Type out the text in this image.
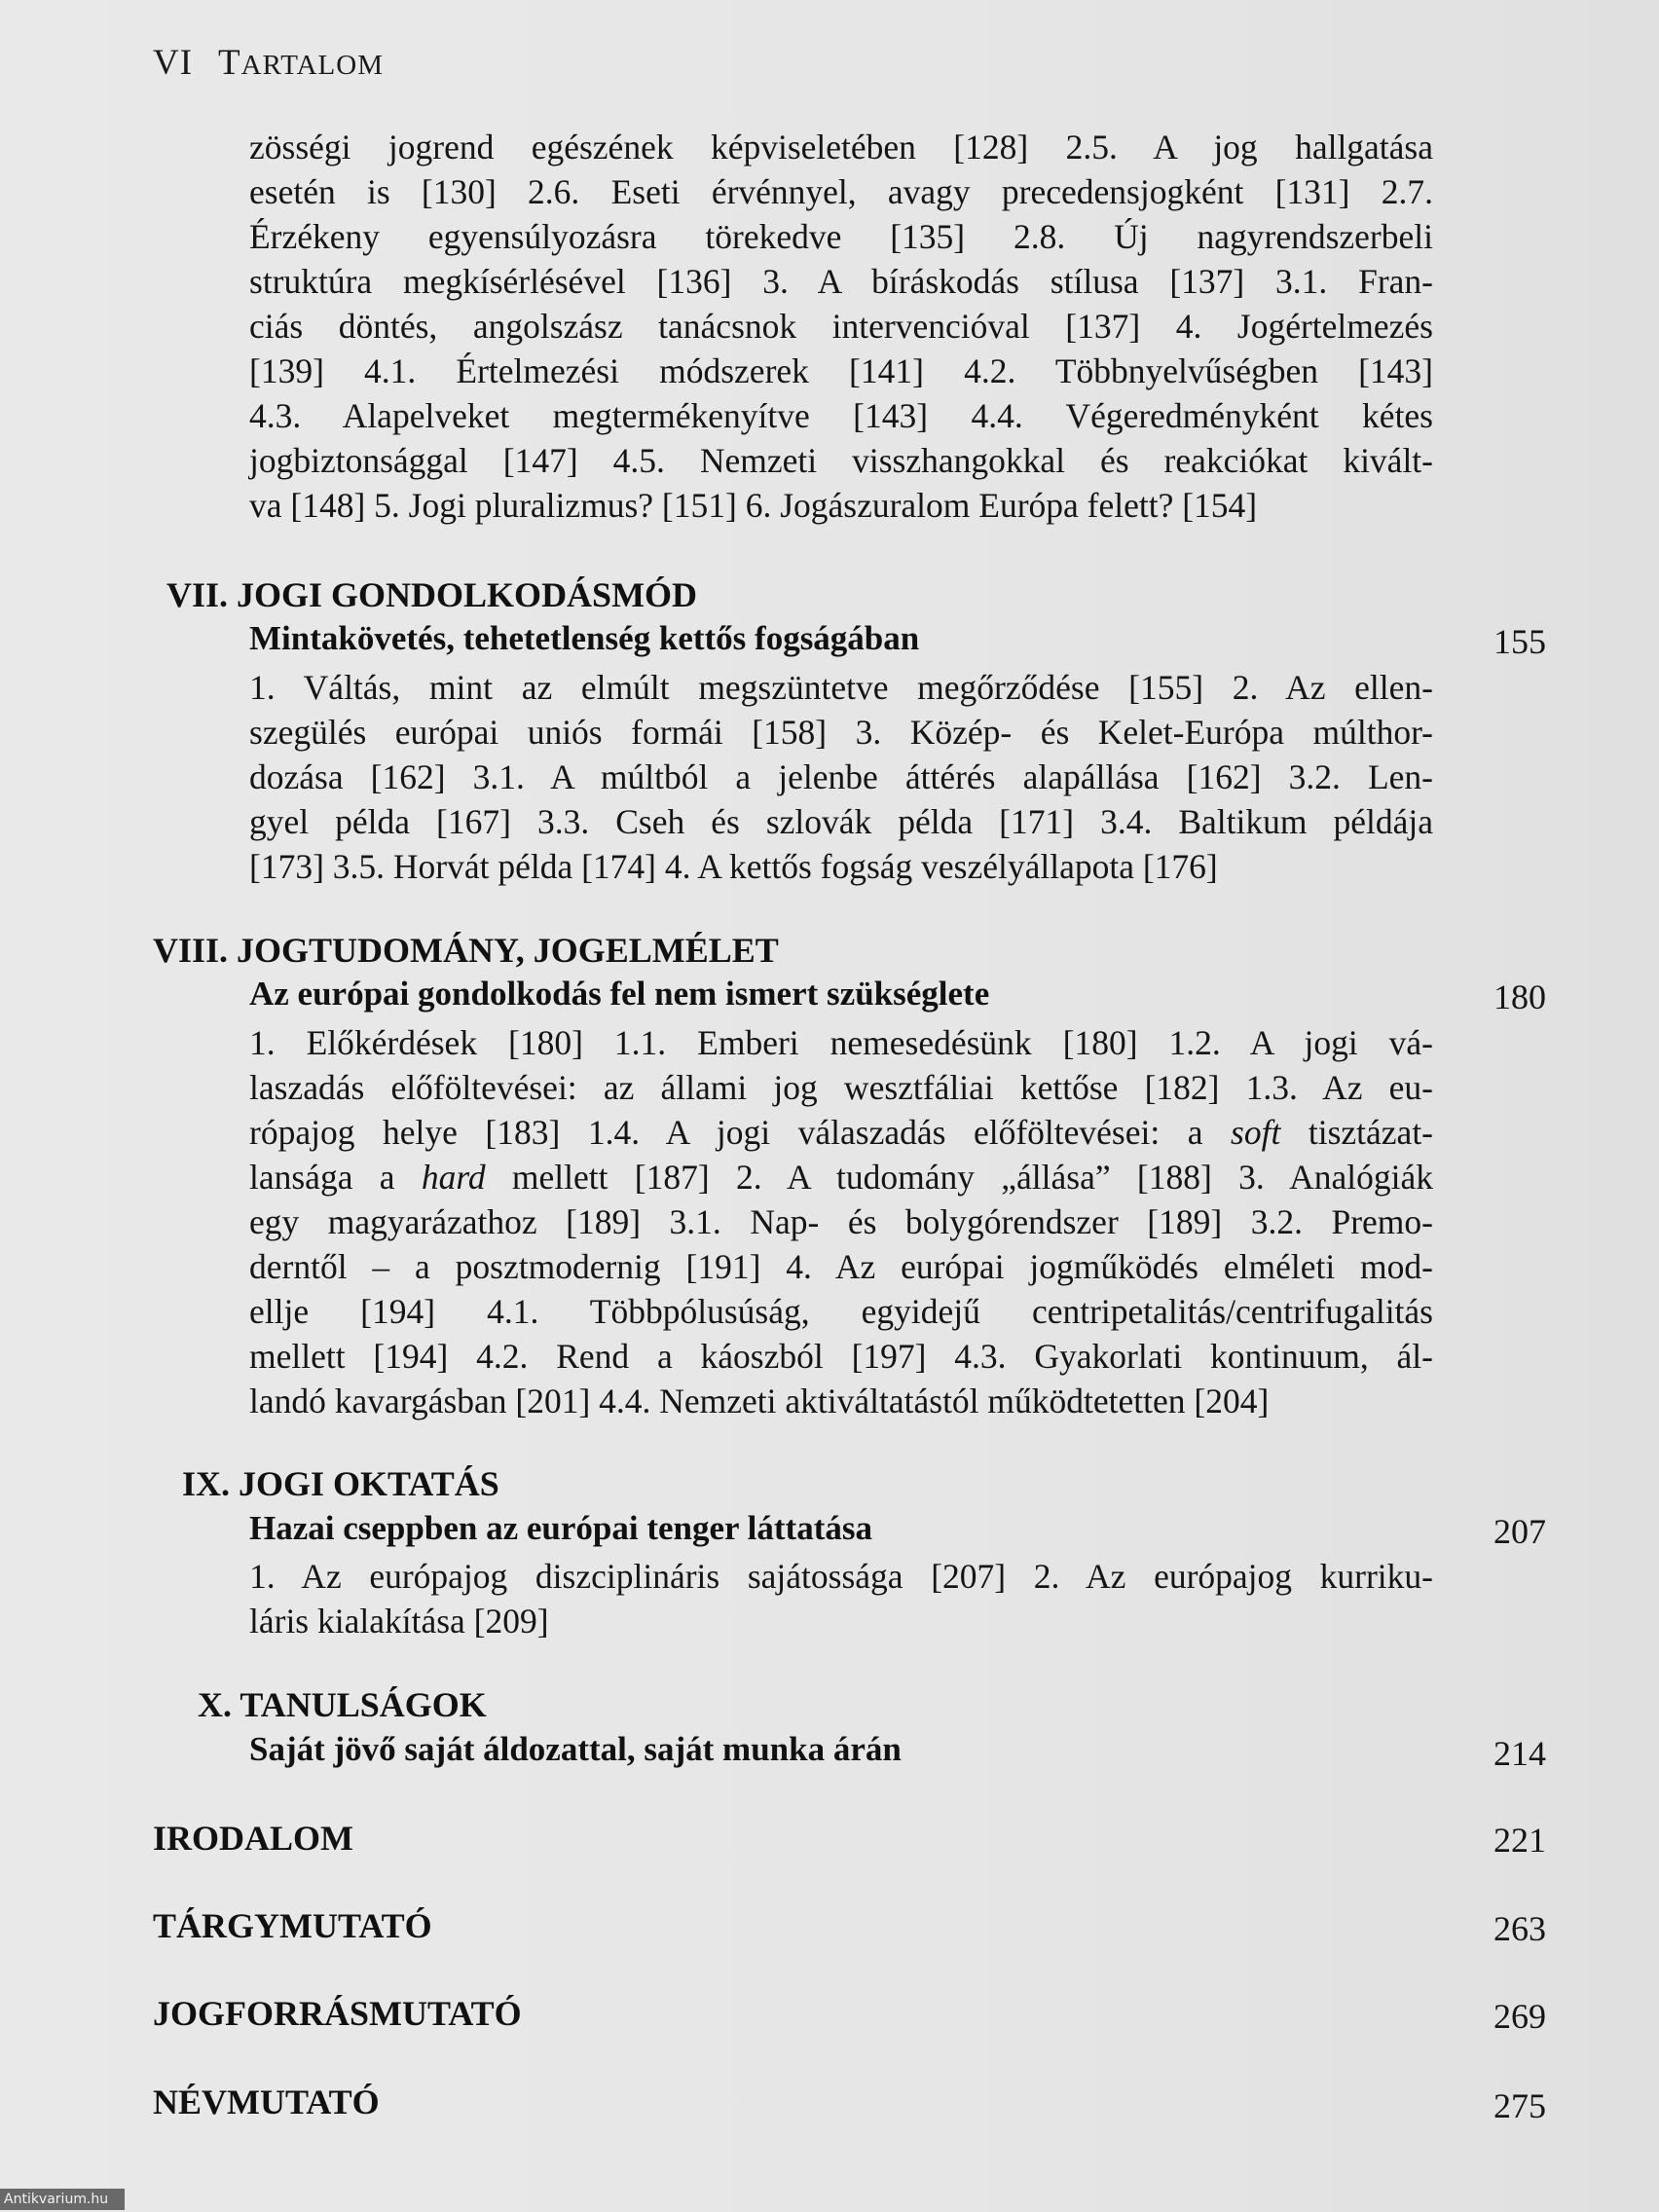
VI TARTALOM
zösségi jogrend egészének képviseletében [128] 2.5. A jog hallgatása
esetén is [130] 2.6. Eseti érvénnyel, avagy precedensjogként [131] 2.7.
Érzékeny egyensúlyozásra törekedve [135] 2.8. Új nagyrendszerbeli
struktúra megkísérlésével [136] 3. A bíráskodás stílusa [137] 3.1. Fran-
ciás döntés, angolszász tanácsnok intervencióval [137] 4. Jogértelmezés
[139] 4.1. Értelmezési módszerek [141] 4.2. Többnyelvűségben [143]
4.3. Alapelveket megtermékenyítve [143] 4.4. Végeredményként kétes
jogbiztonsággal [147] 4.5. Nemzeti visszhangokkal és reakciókat kivált-
va [148] 5. Jogi pluralizmus? [151] 6. Jogászuralom Európa felett? [154]
VII. JOGI GONDOLKODÁSMÓD
Mintakövetés, tehetetlenség kettős fogságában	155
1. Váltás, mint az elmúlt megszüntetve megőrződése [155] 2. Az ellen-
szegülés európai uniós formái [158] 3. Közép- és Kelet-Európa múlthor-
dozása [162] 3.1. A múltból a jelenbe áttérés alapállása [162] 3.2. Len-
gyel példa [167] 3.3. Cseh és szlovák példa [171] 3.4. Baltikum példája
[173] 3.5. Horvát példa [174] 4. A kettős fogság veszélyállapota [176]
VIII. JOGTUDOMÁNY, JOGELMÉLET
Az európai gondolkodás fel nem ismert szükséglete	180
1. Előkérdések [180] 1.1. Emberi nemesedésünk [180] 1.2. A jogi vá-
laszadás előföltevései: az állami jog wesztfáliai kettőse [182] 1.3. Az eu-
rópajog helye [183] 1.4. A jogi válaszadás előföltevései: a soft tisztázat-
lansága a hard mellett [187] 2. A tudomány „állása” [188] 3. Analógiák
egy magyarázathoz [189] 3.1. Nap- és bolygórendszer [189] 3.2. Premo-
derntől – a posztmodernig [191] 4. Az európai jogműködés elméleti mod-
ellje [194] 4.1. Többpólusúság, egyidejű centripetalitás/centrifugalitás
mellett [194] 4.2. Rend a káoszból [197] 4.3. Gyakorlati kontinuum, ál-
landó kavargásban [201] 4.4. Nemzeti aktiváltatástól működtetetten [204]
IX. JOGI OKTATÁS
Hazai cseppben az európai tenger láttatása	207
1. Az európajog diszciplináris sajátossága [207] 2. Az európajog kurriku-
láris kialakítása [209]
X. TANULSÁGOK
Saját jövő saját áldozattal, saját munka árán	214
IRODALOM	221
TÁRGYMUTATÓ	263
JOGFORRÁSMUTATÓ	269
NÉVMUTATÓ	275
Antikvarium.hu
